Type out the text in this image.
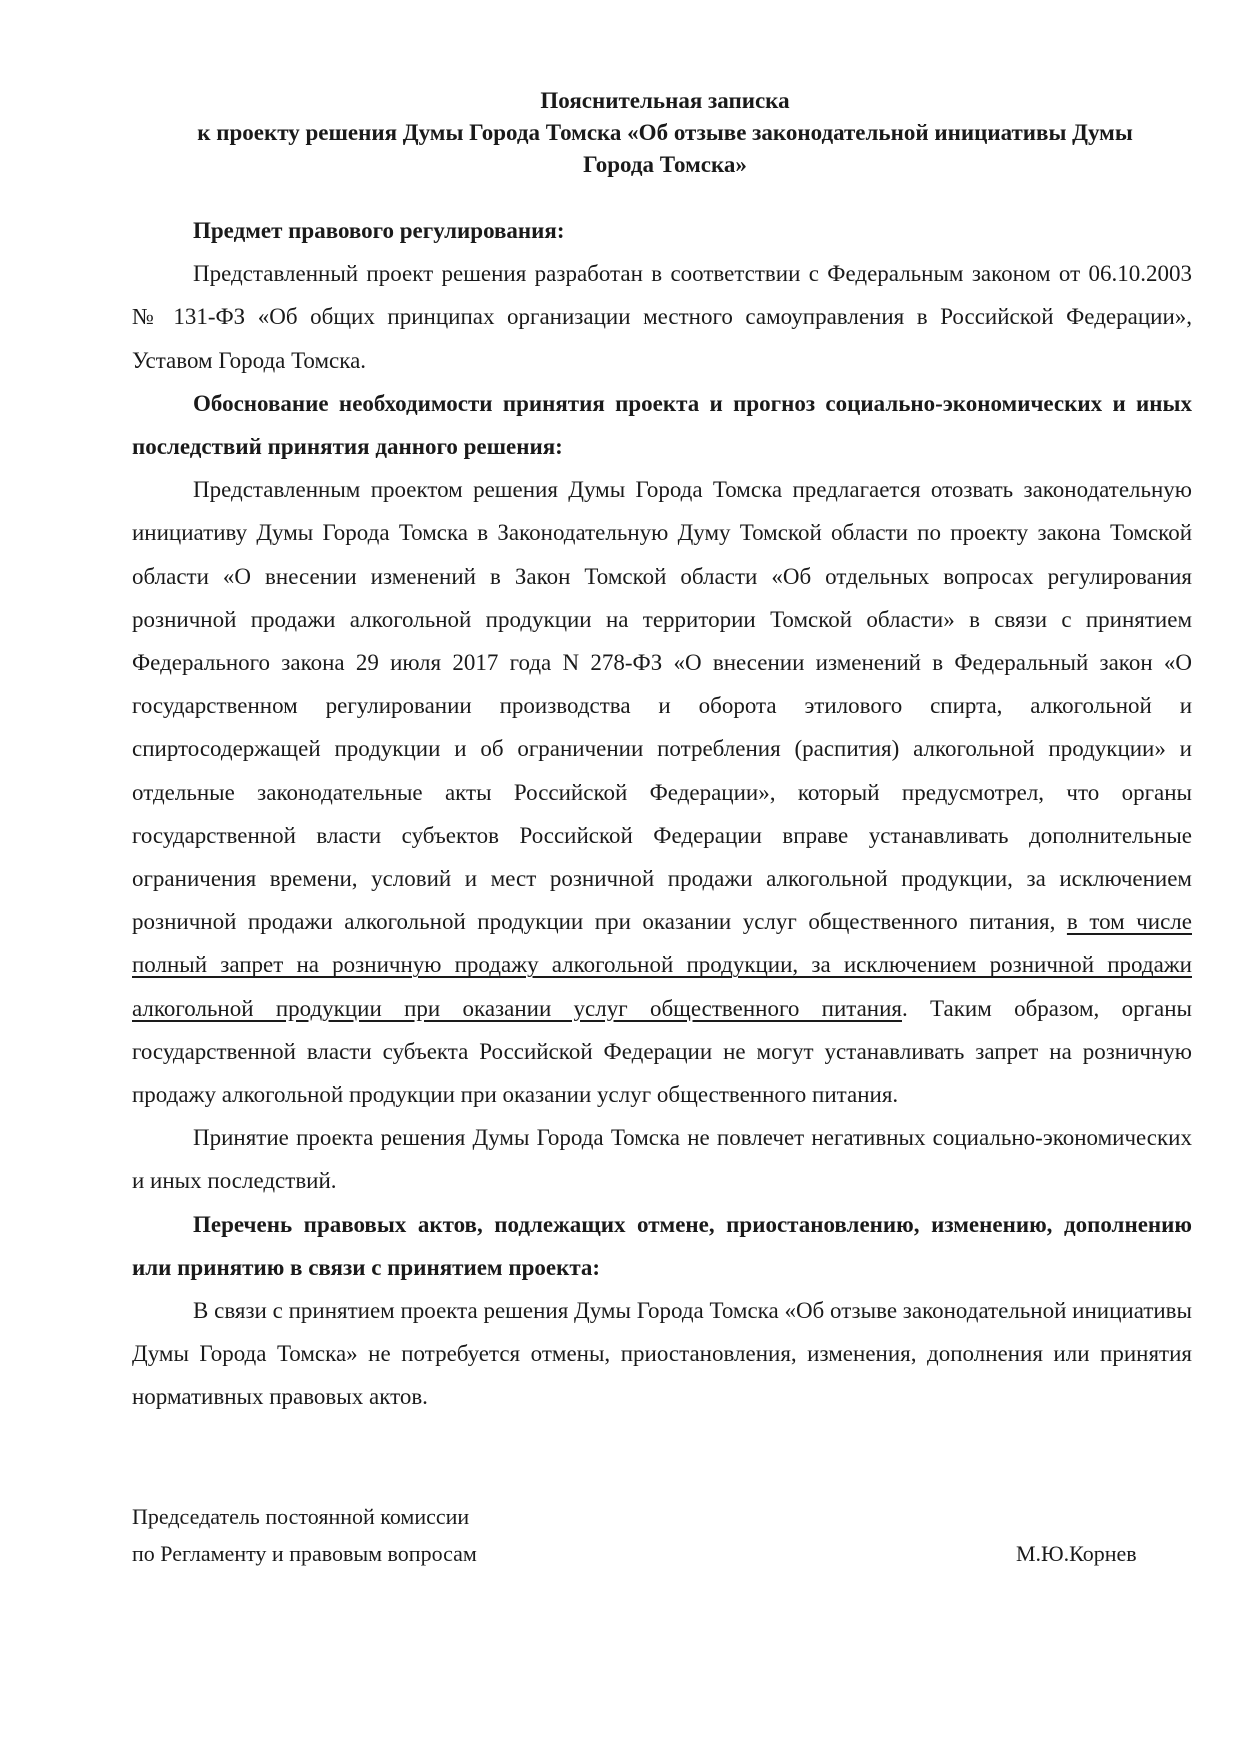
Пояснительная записка
к проекту решения Думы Города Томска «Об отзыве законодательной инициативы Думы
Города Томска»

Предмет правового регулирования:

Представленный проект решения разработан в соответствии с Федеральным законом от 06.10.2003 № 131-ФЗ «Об общих принципах организации местного самоуправления в Российской Федерации», Уставом Города Томска.

Обоснование необходимости принятия проекта и прогноз социально-экономических и иных последствий принятия данного решения:

Представленным проектом решения Думы Города Томска предлагается отозвать законодательную инициативу Думы Города Томска в Законодательную Думу Томской области по проекту закона Томской области «О внесении изменений в Закон Томской области «Об отдельных вопросах регулирования розничной продажи алкогольной продукции на территории Томской области» в связи с принятием Федерального закона 29 июля 2017 года N 278-ФЗ «О внесении изменений в Федеральный закон «О государственном регулировании производства и оборота этилового спирта, алкогольной и спиртосодержащей продукции и об ограничении потребления (распития) алкогольной продукции» и отдельные законодательные акты Российской Федерации», который предусмотрел, что органы государственной власти субъектов Российской Федерации вправе устанавливать дополнительные ограничения времени, условий и мест розничной продажи алкогольной продукции, за исключением розничной продажи алкогольной продукции при оказании услуг общественного питания, в том числе полный запрет на розничную продажу алкогольной продукции, за исключением розничной продажи алкогольной продукции при оказании услуг общественного питания. Таким образом, органы государственной власти субъекта Российской Федерации не могут устанавливать запрет на розничную продажу алкогольной продукции при оказании услуг общественного питания.

Принятие проекта решения Думы Города Томска не повлечет негативных социально-экономических и иных последствий.

Перечень правовых актов, подлежащих отмене, приостановлению, изменению, дополнению или принятию в связи с принятием проекта:

В связи с принятием проекта решения Думы Города Томска «Об отзыве законодательной инициативы Думы Города Томска» не потребуется отмены, приостановления, изменения, дополнения или принятия нормативных правовых актов.

Председатель постоянной комиссии
по Регламенту и правовым вопросам	М.Ю.Корнев
